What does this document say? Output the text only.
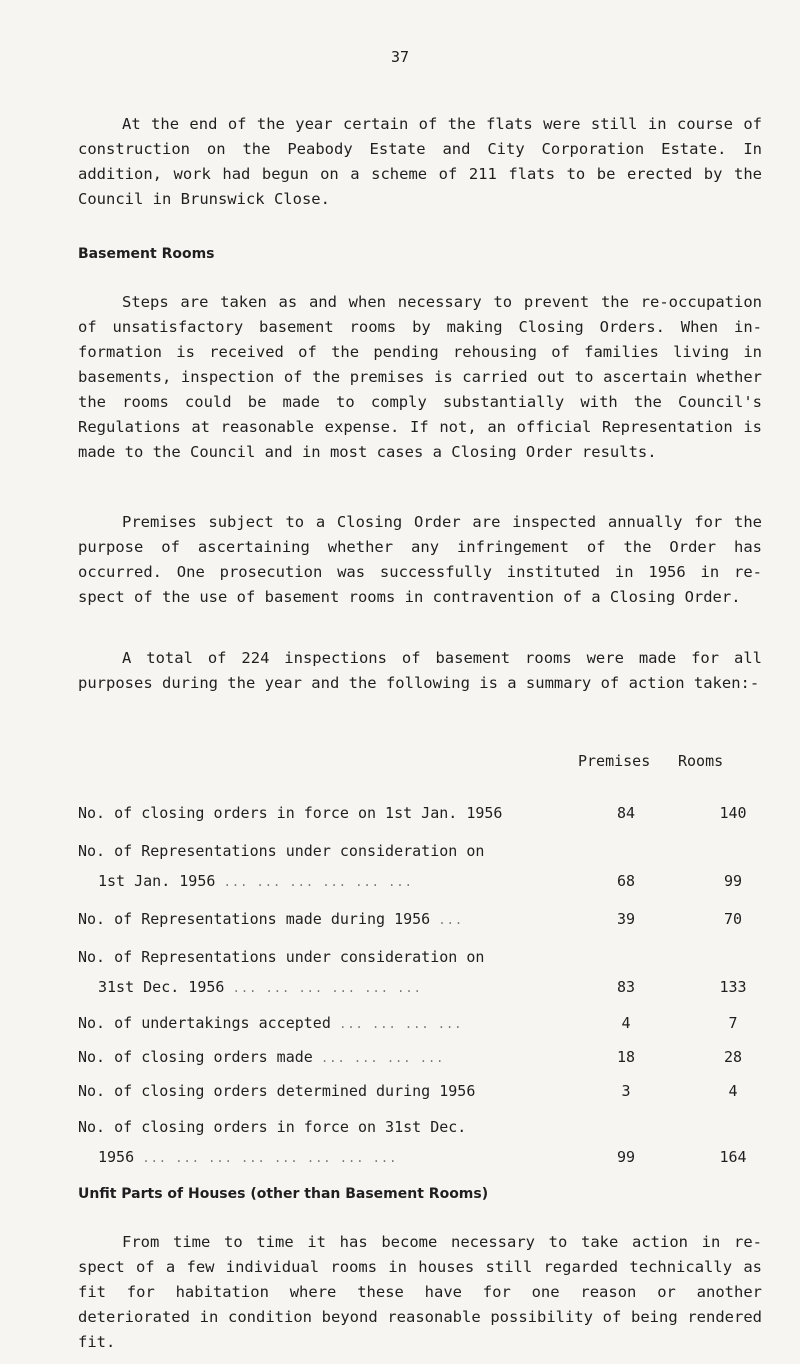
37

At the end of the year certain of the flats were still in course of construction on the Peabody Estate and City Corporation Estate. In addition, work had begun on a scheme of 211 flats to be erected by the Council in Brunswick Close.

Basement Rooms

Steps are taken as and when necessary to prevent the re-occupation of unsatisfactory basement rooms by making Closing Orders. When in- formation is received of the pending rehousing of families living in basements, inspection of the premises is carried out to ascertain whether the rooms could be made to comply substantially with the Council's Regulations at reasonable expense. If not, an official Representation is made to the Council and in most cases a Closing Order results.

Premises subject to a Closing Order are inspected annually for the purpose of ascertaining whether any infringement of the Order has occurred. One prosecution was successfully instituted in 1956 in re- spect of the use of basement rooms in contravention of a Closing Order.

A total of 224 inspections of basement rooms were made for all purposes during the year and the following is a summary of action taken:-

Premises Rooms
No. of closing orders in force on 1st Jan. 1956	84	140
No. of Representations under consideration on
1st Jan. 1956 ... ... ... ... ... ...	68	99
No. of Representations made during 1956 ...	39	70
No. of Representations under consideration on
31st Dec. 1956 ... ... ... ... ... ...	83	133
No. of undertakings accepted ... ... ... ...	4	7
No. of closing orders made ... ... ... ...	18	28
No. of closing orders determined during 1956	3	4
No. of closing orders in force on 31st Dec.
1956 ... ... ... ... ... ... ... ...	99	164
Unfit Parts of Houses (other than Basement Rooms)

From time to time it has become necessary to take action in re- spect of a few individual rooms in houses still regarded technically as fit for habitation where these have for one reason or another deteriorated in condition beyond reasonable possibility of being rendered fit.
